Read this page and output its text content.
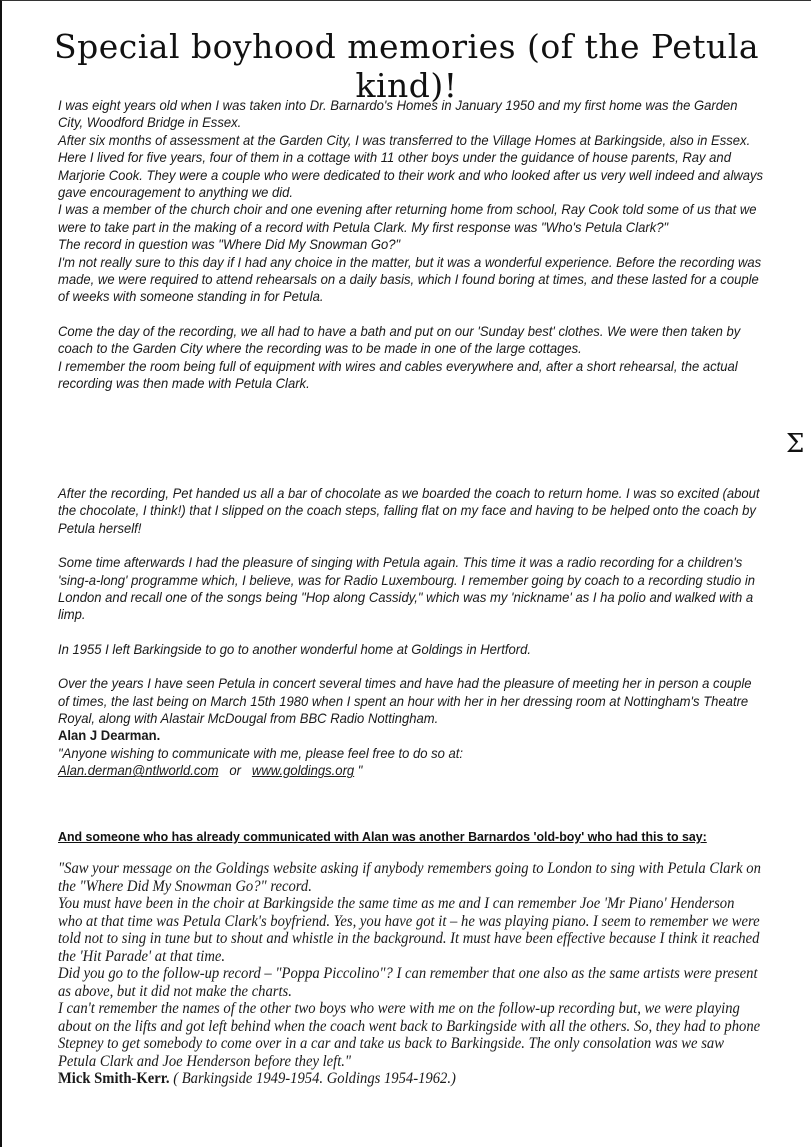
Special boyhood memories (of the Petula kind)!

I was eight years old when I was taken into Dr. Barnardo's Homes in January 1950 and my first home was the Garden City, Woodford Bridge in Essex.

After six months of assessment at the Garden City, I was transferred to the Village Homes at Barkingside, also in Essex.

Here I lived for five years, four of them in a cottage with 11 other boys under the guidance of house parents, Ray and Marjorie Cook. They were a couple who were dedicated to their work and who looked after us very well indeed and always gave encouragement to anything we did.

I was a member of the church choir and one evening after returning home from school, Ray Cook told some of us that we were to take part in the making of a record with Petula Clark. My first response was "Who's Petula Clark?"

The record in question was "Where Did My Snowman Go?"

I'm not really sure to this day if I had any choice in the matter, but it was a wonderful experience. Before the recording was made, we were required to attend rehearsals on a daily basis, which I found boring at times, and these lasted for a couple of weeks with someone standing in for Petula.

Come the day of the recording, we all had to have a bath and put on our 'Sunday best' clothes. We were then taken by coach to the Garden City where the recording was to be made in one of the large cottages.

I remember the room being full of equipment with wires and cables everywhere and, after a short rehearsal, the actual recording was then made with Petula Clark.

Σ

After the recording, Pet handed us all a bar of chocolate as we boarded the coach to return home. I was so excited (about the chocolate, I think!) that I slipped on the coach steps, falling flat on my face and having to be helped onto the coach by Petula herself!

Some time afterwards I had the pleasure of singing with Petula again. This time it was a radio recording for a children's 'sing-a-long' programme which, I believe, was for Radio Luxembourg. I remember going by coach to a recording studio in London and recall one of the songs being "Hop along Cassidy," which was my 'nickname' as I ha polio and walked with a limp.

In 1955 I left Barkingside to go to another wonderful home at Goldings in Hertford.

Over the years I have seen Petula in concert several times and have had the pleasure of meeting her in person a couple of times, the last being on March 15th 1980 when I spent an hour with her in her dressing room at Nottingham's Theatre Royal, along with Alastair McDougal from BBC Radio Nottingham.

Alan J Dearman.

"Anyone wishing to communicate with me, please feel free to do so at:

Alan.derman@ntlworld.com or www.goldings.org "

And someone who has already communicated with Alan was another Barnardos 'old-boy' who had this to say:

"Saw your message on the Goldings website asking if anybody remembers going to London to sing with Petula Clark on the "Where Did My Snowman Go?" record.

You must have been in the choir at Barkingside the same time as me and I can remember Joe 'Mr Piano' Henderson who at that time was Petula Clark's boyfriend. Yes, you have got it – he was playing piano. I seem to remember we were told not to sing in tune but to shout and whistle in the background. It must have been effective because I think it reached the 'Hit Parade' at that time.

Did you go to the follow-up record – "Poppa Piccolino"? I can remember that one also as the same artists were present as above, but it did not make the charts.

I can't remember the names of the other two boys who were with me on the follow-up recording but, we were playing about on the lifts and got left behind when the coach went back to Barkingside with all the others. So, they had to phone Stepney to get somebody to come over in a car and take us back to Barkingside. The only consolation was we saw Petula Clark and Joe Henderson before they left."

Mick Smith-Kerr. ( Barkingside 1949-1954. Goldings 1954-1962.)
